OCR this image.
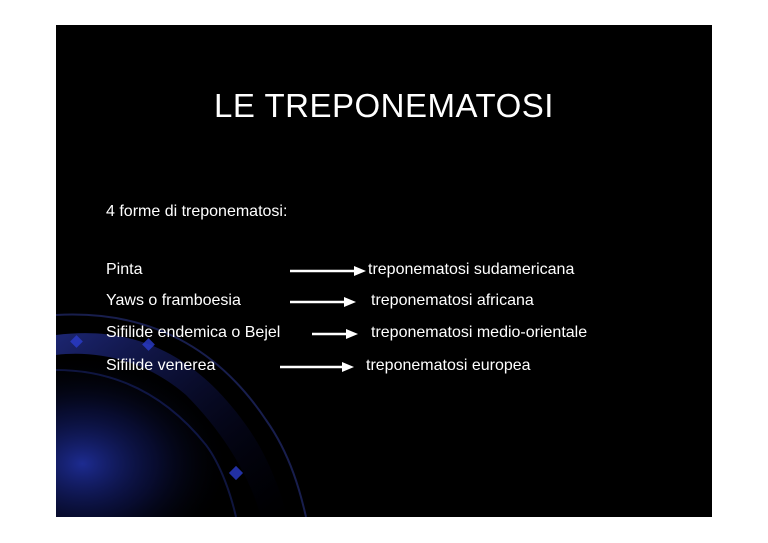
LE TREPONEMATOSI
4 forme di treponematosi:
Pinta	treponematosi sudamericana
Yaws o framboesia	treponematosi africana
Sifilide endemica o Bejel	treponematosi medio-orientale
Sifilide venerea	treponematosi europea
